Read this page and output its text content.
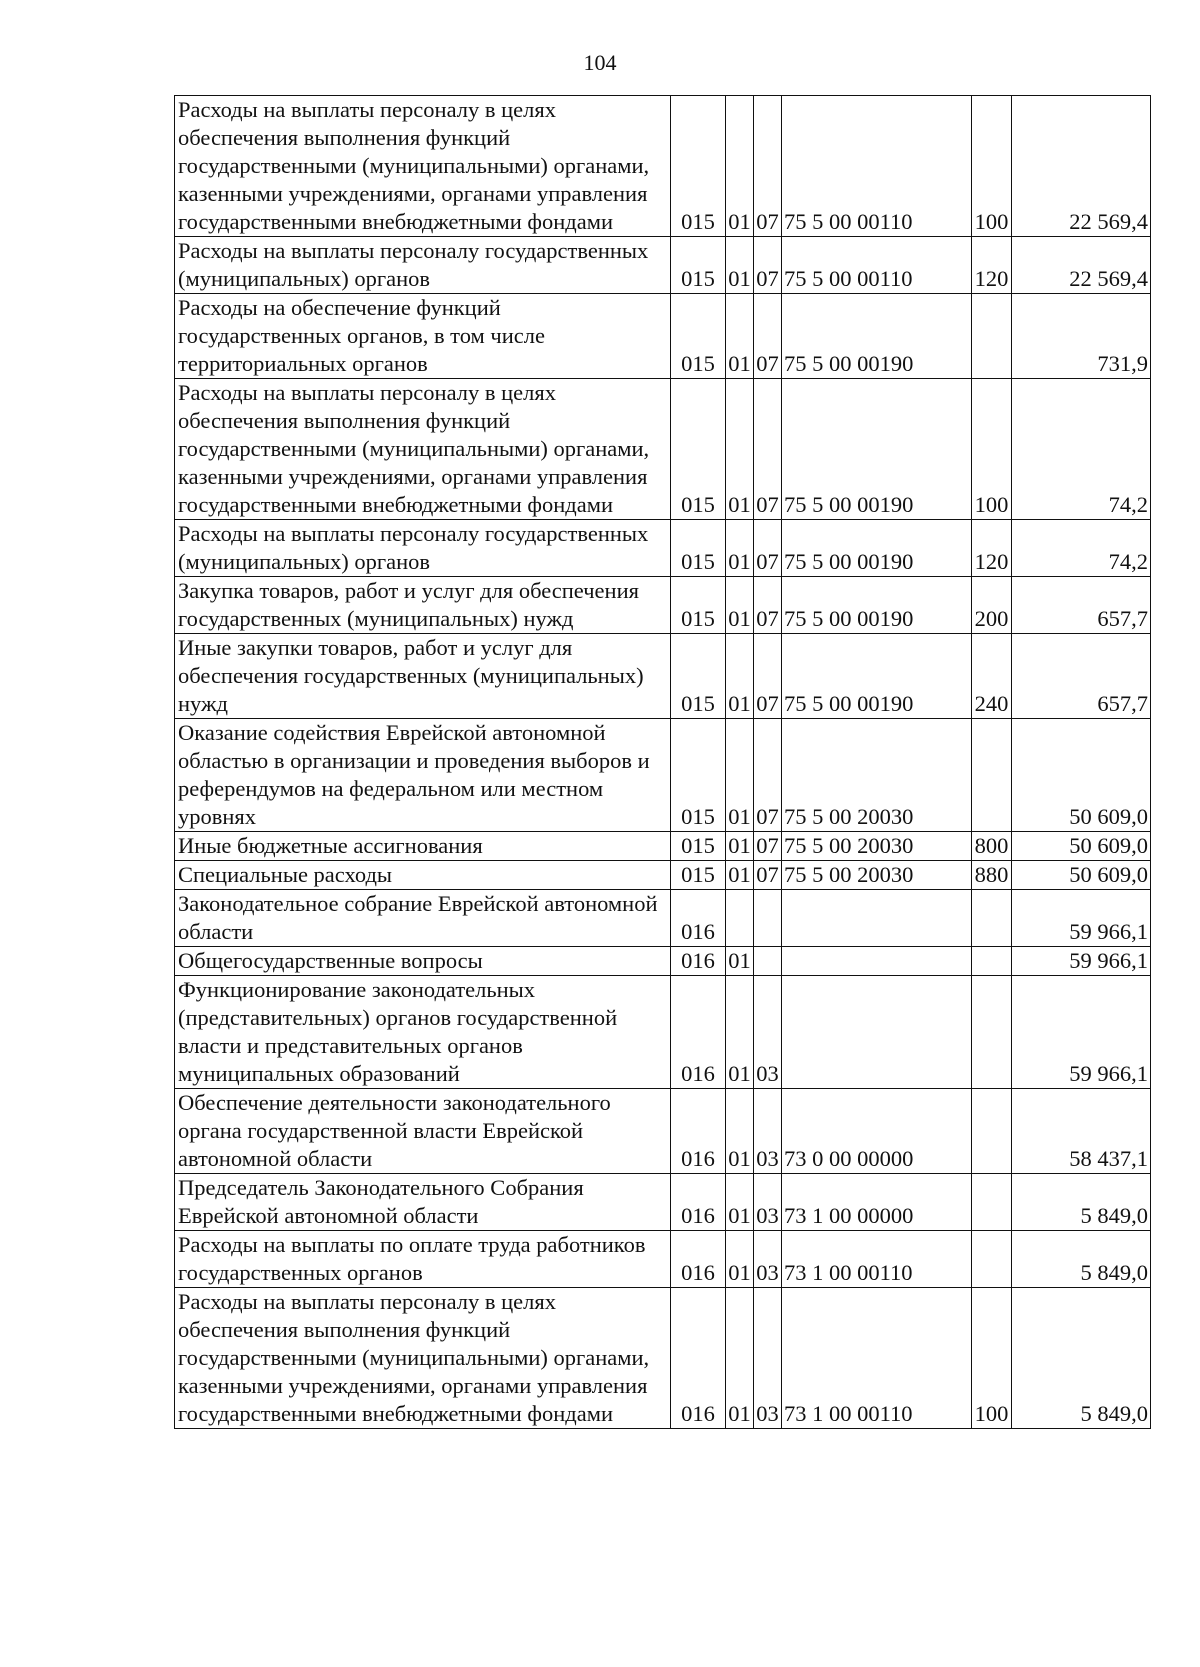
104
Расходы на выплаты персоналу в целях обеспечения выполнения функций государственными (муниципальными) органами, казенными учреждениями, органами управления государственными внебюджетными фондами	015	01	07	75 5 00 00110	100	22 569,4
Расходы на выплаты персоналу государственных (муниципальных) органов	015	01	07	75 5 00 00110	120	22 569,4
Расходы на обеспечение функций государственных органов, в том числе территориальных органов	015	01	07	75 5 00 00190		731,9
Расходы на выплаты персоналу в целях обеспечения выполнения функций государственными (муниципальными) органами, казенными учреждениями, органами управления государственными внебюджетными фондами	015	01	07	75 5 00 00190	100	74,2
Расходы на выплаты персоналу государственных (муниципальных) органов	015	01	07	75 5 00 00190	120	74,2
Закупка товаров, работ и услуг для обеспечения государственных (муниципальных) нужд	015	01	07	75 5 00 00190	200	657,7
Иные закупки товаров, работ и услуг для обеспечения государственных (муниципальных) нужд	015	01	07	75 5 00 00190	240	657,7
Оказание содействия Еврейской автономной областью в организации и проведения выборов и референдумов на федеральном или местном уровнях	015	01	07	75 5 00 20030		50 609,0
Иные бюджетные ассигнования	015	01	07	75 5 00 20030	800	50 609,0
Специальные расходы	015	01	07	75 5 00 20030	880	50 609,0
Законодательное собрание Еврейской автономной области	016					59 966,1
Общегосударственные вопросы	016	01				59 966,1
Функционирование законодательных (представительных) органов государственной власти и представительных органов муниципальных образований	016	01	03			59 966,1
Обеспечение деятельности законодательного органа государственной власти Еврейской автономной области	016	01	03	73 0 00 00000		58 437,1
Председатель Законодательного Собрания Еврейской автономной области	016	01	03	73 1 00 00000		5 849,0
Расходы на выплаты по оплате труда работников государственных органов	016	01	03	73 1 00 00110		5 849,0
Расходы на выплаты персоналу в целях обеспечения выполнения функций государственными (муниципальными) органами, казенными учреждениями, органами управления государственными внебюджетными фондами	016	01	03	73 1 00 00110	100	5 849,0
